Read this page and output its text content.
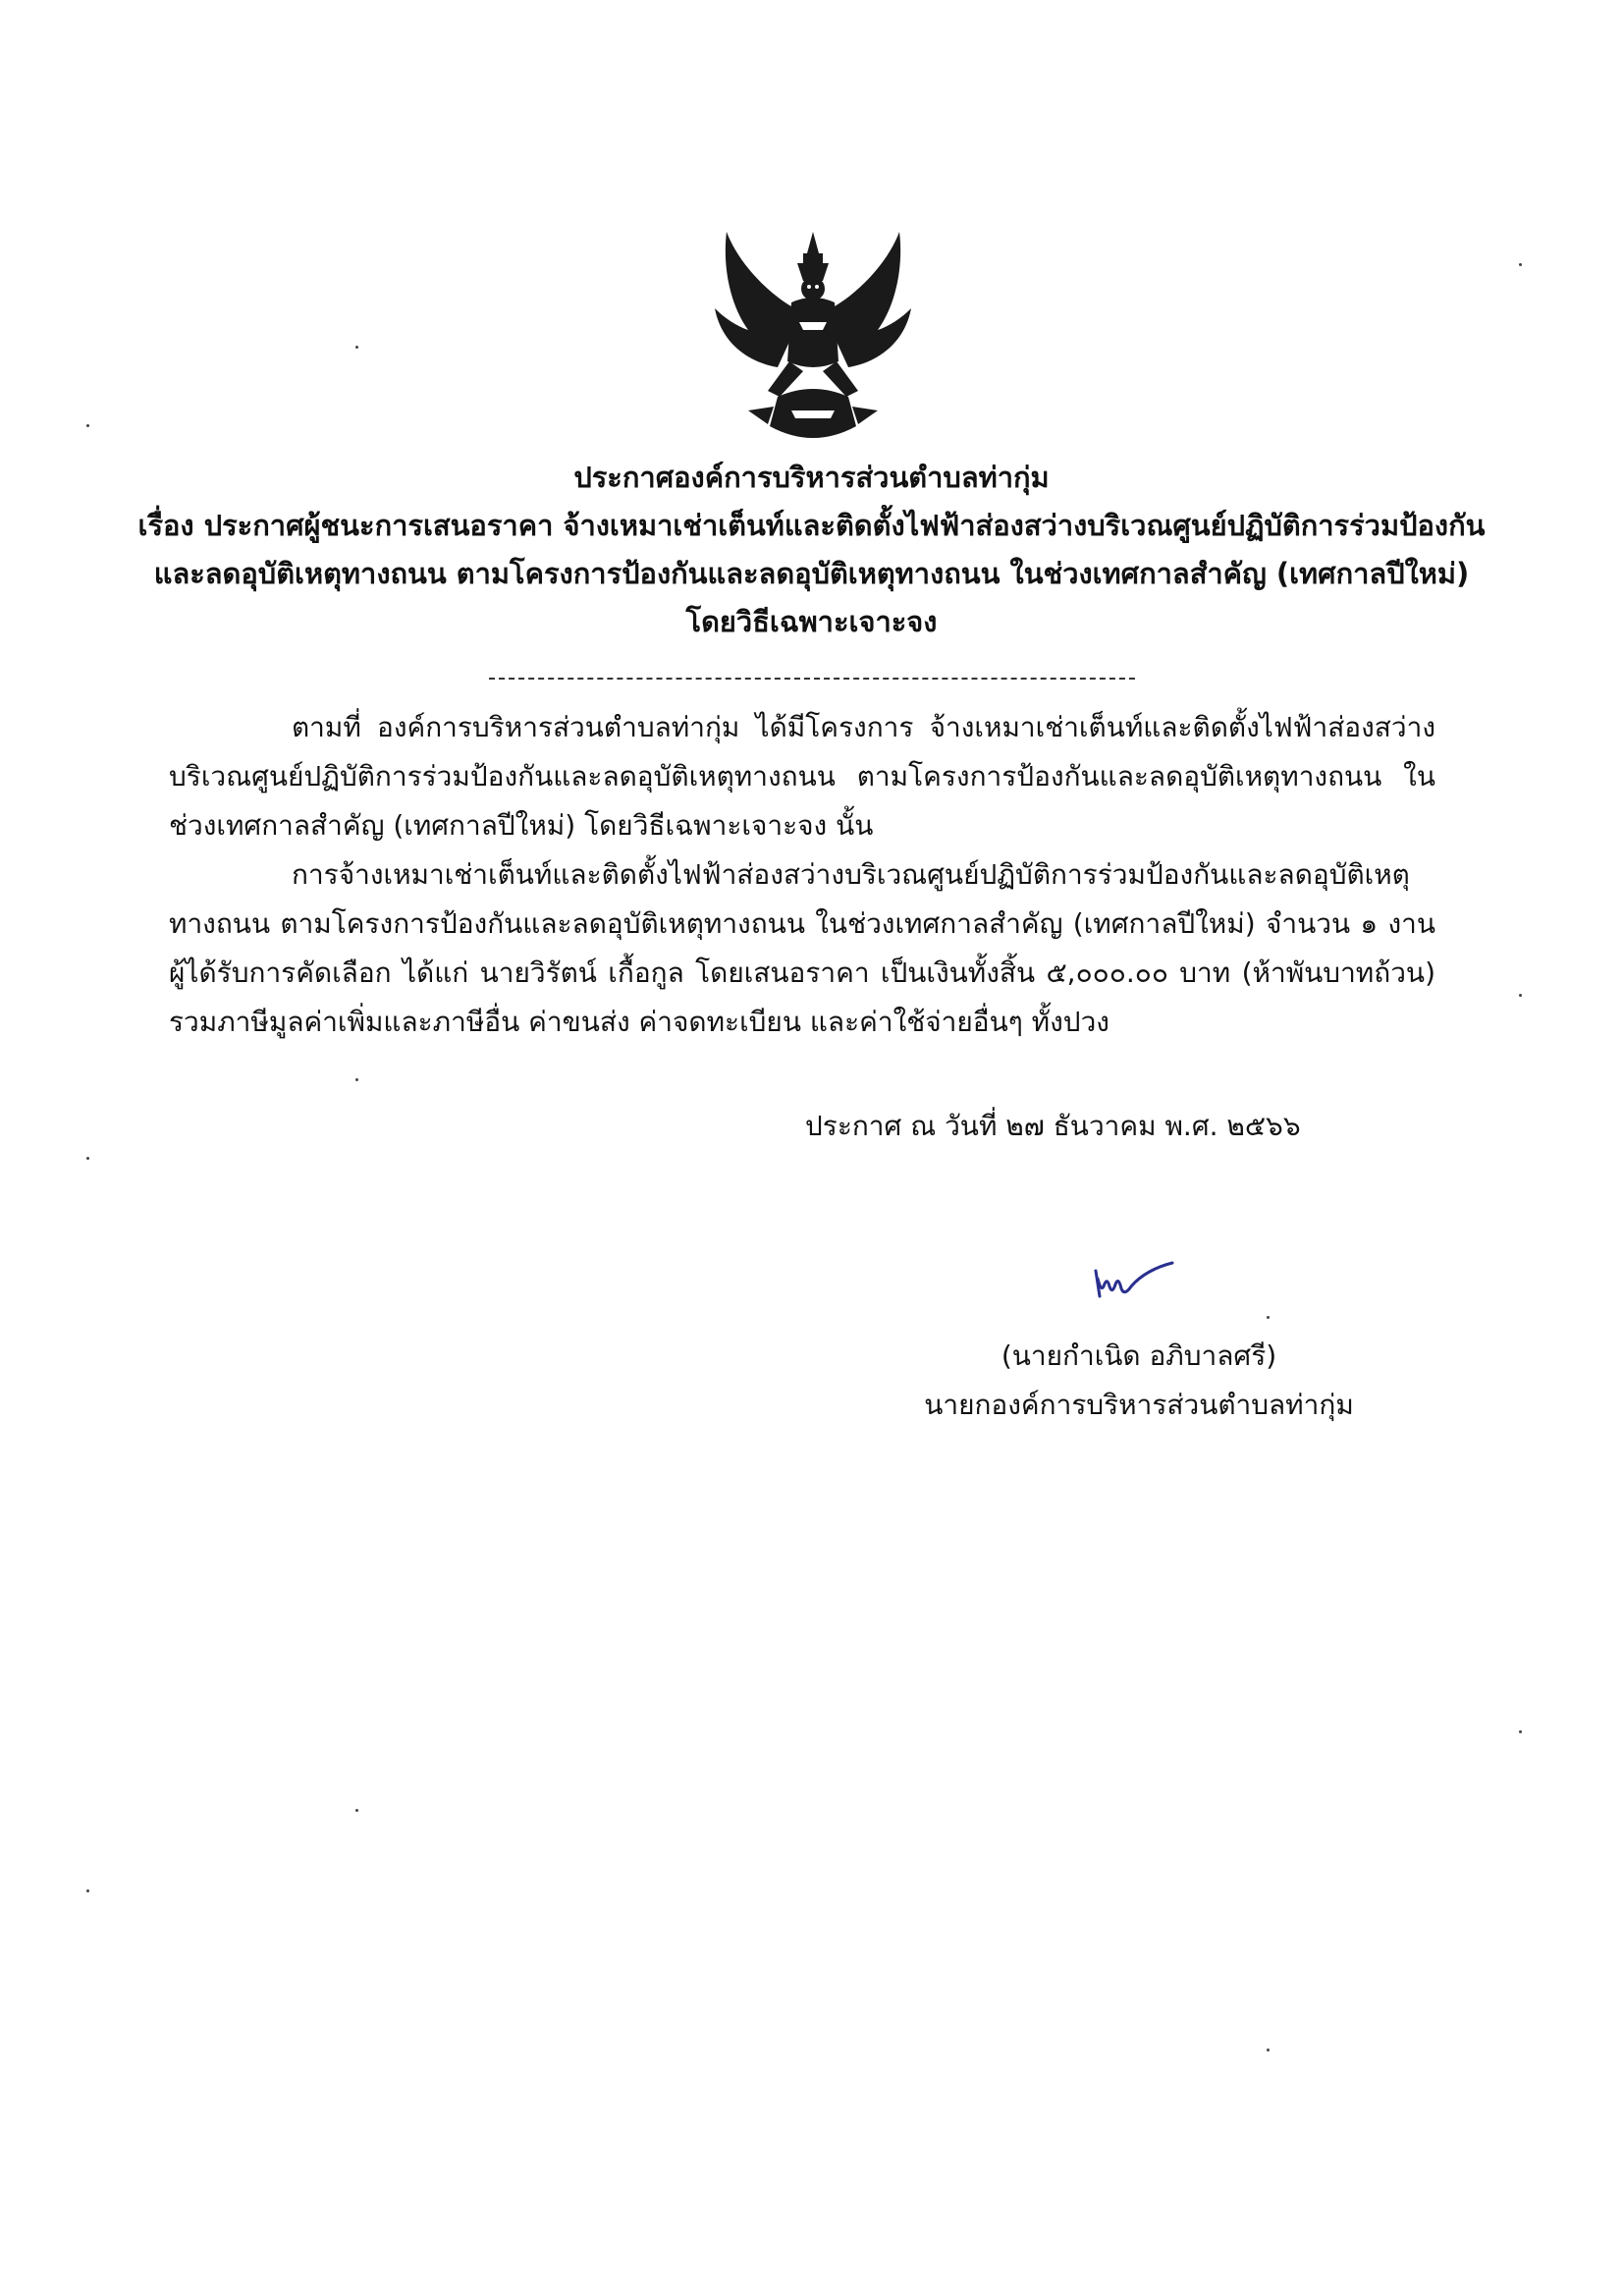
ประกาศองค์การบริหารส่วนตำบลท่ากุ่ม
เรื่อง ประกาศผู้ชนะการเสนอราคา จ้างเหมาเช่าเต็นท์และติดตั้งไฟฟ้าส่องสว่างบริเวณศูนย์ปฏิบัติการร่วมป้องกัน
และลดอุบัติเหตุทางถนน ตามโครงการป้องกันและลดอุบัติเหตุทางถนน ในช่วงเทศกาลสำคัญ (เทศกาลปีใหม่)
โดยวิธีเฉพาะเจาะจง

ตามที่ องค์การบริหารส่วนตำบลท่ากุ่ม ได้มีโครงการ จ้างเหมาเช่าเต็นท์และติดตั้งไฟฟ้าส่องสว่างบริเวณศูนย์ปฏิบัติการร่วมป้องกันและลดอุบัติเหตุทางถนน ตามโครงการป้องกันและลดอุบัติเหตุทางถนน ในช่วงเทศกาลสำคัญ (เทศกาลปีใหม่) โดยวิธีเฉพาะเจาะจง นั้น

การจ้างเหมาเช่าเต็นท์และติดตั้งไฟฟ้าส่องสว่างบริเวณศูนย์ปฏิบัติการร่วมป้องกันและลดอุบัติเหตุทางถนน ตามโครงการป้องกันและลดอุบัติเหตุทางถนน ในช่วงเทศกาลสำคัญ (เทศกาลปีใหม่) จำนวน ๑ งาน ผู้ได้รับการคัดเลือก ได้แก่ นายวิรัตน์ เกื้อกูล โดยเสนอราคา เป็นเงินทั้งสิ้น ๕,๐๐๐.๐๐ บาท (ห้าพันบาทถ้วน) รวมภาษีมูลค่าเพิ่มและภาษีอื่น ค่าขนส่ง ค่าจดทะเบียน และค่าใช้จ่ายอื่นๆ ทั้งปวง

ประกาศ ณ วันที่ ๒๗ ธันวาคม พ.ศ. ๒๕๖๖
(นายกำเนิด อภิบาลศรี)
นายกองค์การบริหารส่วนตำบลท่ากุ่ม
